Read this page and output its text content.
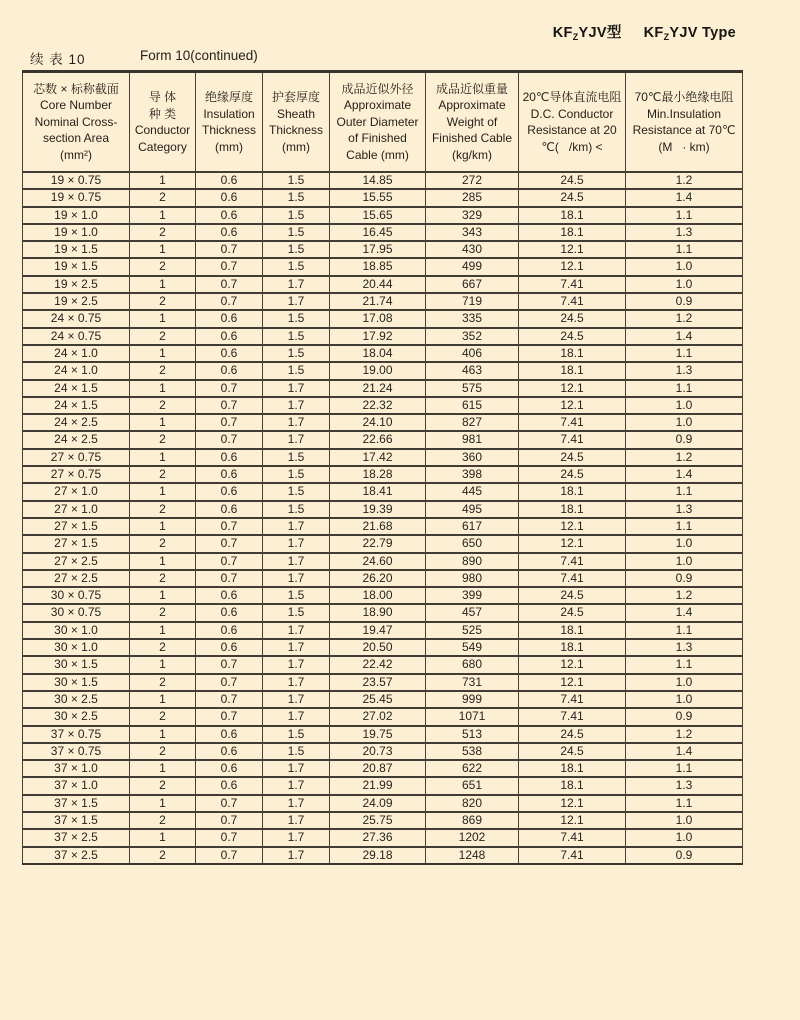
$KF_ZYJV$型 $KF_ZYJV$ Type
续 表 10	Form 10(continued)
芯数 × 标称截面
Core Number
Nominal Cross-
section Area
(mm²)

导 体
种 类
Conductor
Category

绝缘厚度
Insulation
Thickness
(mm)

护套厚度
Sheath
Thickness
(mm)

成品近似外径
Approximate
Outer Diameter
of Finished
Cable (mm)

成品近似重量
Approximate
Weight of
Finished Cable
(kg/km)

20℃导体直流电阻
D.C. Conductor
Resistance at 20
℃(   /km) <

70℃最小绝缘电阻
Min.Insulation
Resistance at 70℃
(M   · km)

19 × 0.75	1	0.6	1.5	14.85	272	24.5	1.2
19 × 0.75	2	0.6	1.5	15.55	285	24.5	1.4
19 × 1.0	1	0.6	1.5	15.65	329	18.1	1.1
19 × 1.0	2	0.6	1.5	16.45	343	18.1	1.3
19 × 1.5	1	0.7	1.5	17.95	430	12.1	1.1
19 × 1.5	2	0.7	1.5	18.85	499	12.1	1.0
19 × 2.5	1	0.7	1.7	20.44	667	7.41	1.0
19 × 2.5	2	0.7	1.7	21.74	719	7.41	0.9
24 × 0.75	1	0.6	1.5	17.08	335	24.5	1.2
24 × 0.75	2	0.6	1.5	17.92	352	24.5	1.4
24 × 1.0	1	0.6	1.5	18.04	406	18.1	1.1
24 × 1.0	2	0.6	1.5	19.00	463	18.1	1.3
24 × 1.5	1	0.7	1.7	21.24	575	12.1	1.1
24 × 1.5	2	0.7	1.7	22.32	615	12.1	1.0
24 × 2.5	1	0.7	1.7	24.10	827	7.41	1.0
24 × 2.5	2	0.7	1.7	22.66	981	7.41	0.9
27 × 0.75	1	0.6	1.5	17.42	360	24.5	1.2
27 × 0.75	2	0.6	1.5	18.28	398	24.5	1.4
27 × 1.0	1	0.6	1.5	18.41	445	18.1	1.1
27 × 1.0	2	0.6	1.5	19.39	495	18.1	1.3
27 × 1.5	1	0.7	1.7	21.68	617	12.1	1.1
27 × 1.5	2	0.7	1.7	22.79	650	12.1	1.0
27 × 2.5	1	0.7	1.7	24.60	890	7.41	1.0
27 × 2.5	2	0.7	1.7	26.20	980	7.41	0.9
30 × 0.75	1	0.6	1.5	18.00	399	24.5	1.2
30 × 0.75	2	0.6	1.5	18.90	457	24.5	1.4
30 × 1.0	1	0.6	1.7	19.47	525	18.1	1.1
30 × 1.0	2	0.6	1.7	20.50	549	18.1	1.3
30 × 1.5	1	0.7	1.7	22.42	680	12.1	1.1
30 × 1.5	2	0.7	1.7	23.57	731	12.1	1.0
30 × 2.5	1	0.7	1.7	25.45	999	7.41	1.0
30 × 2.5	2	0.7	1.7	27.02	1071	7.41	0.9
37 × 0.75	1	0.6	1.5	19.75	513	24.5	1.2
37 × 0.75	2	0.6	1.5	20.73	538	24.5	1.4
37 × 1.0	1	0.6	1.7	20.87	622	18.1	1.1
37 × 1.0	2	0.6	1.7	21.99	651	18.1	1.3
37 × 1.5	1	0.7	1.7	24.09	820	12.1	1.1
37 × 1.5	2	0.7	1.7	25.75	869	12.1	1.0
37 × 2.5	1	0.7	1.7	27.36	1202	7.41	1.0
37 × 2.5	2	0.7	1.7	29.18	1248	7.41	0.9
